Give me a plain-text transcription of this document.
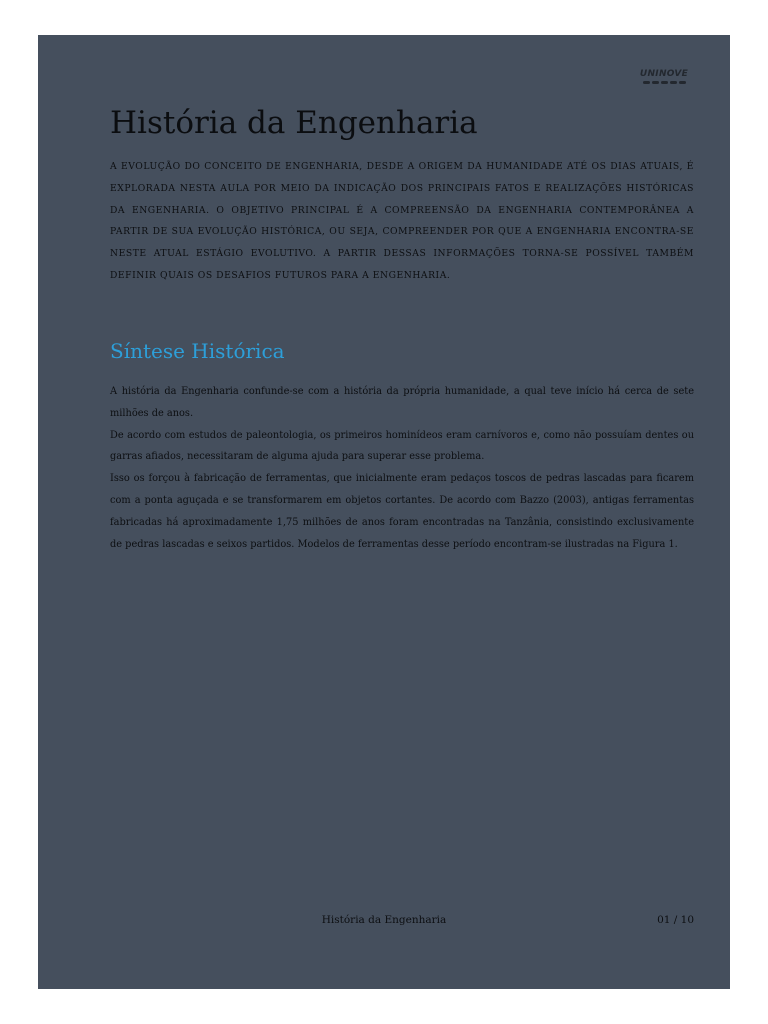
UNINOVE
História da Engenharia

A EVOLUÇÃO DO CONCEITO DE ENGENHARIA, DESDE A ORIGEM DA HUMANIDADE ATÉ OS DIAS ATUAIS, É EXPLORADA NESTA AULA POR MEIO DA INDICAÇÃO DOS PRINCIPAIS FATOS E REALIZAÇÕES HISTÓRICAS DA ENGENHARIA. O OBJETIVO PRINCIPAL É A COMPREENSÃO DA ENGENHARIA CONTEMPORÂNEA A PARTIR DE SUA EVOLUÇÃO HISTÓRICA, OU SEJA, COMPREENDER POR QUE A ENGENHARIA ENCONTRA-SE NESTE ATUAL ESTÁGIO EVOLUTIVO. A PARTIR DESSAS INFORMAÇÕES TORNA-SE POSSÍVEL TAMBÉM DEFINIR QUAIS OS DESAFIOS FUTUROS PARA A ENGENHARIA.

Síntese Histórica

A história da Engenharia confunde-se com a história da própria humanidade, a qual teve início há cerca de sete milhões de anos.

De acordo com estudos de paleontologia, os primeiros hominídeos eram carnívoros e, como não possuíam dentes ou garras afiados, necessitaram de alguma ajuda para superar esse problema.

Isso os forçou à fabricação de ferramentas, que inicialmente eram pedaços toscos de pedras lascadas para ficarem com a ponta aguçada e se transformarem em objetos cortantes. De acordo com Bazzo (2003), antigas ferramentas fabricadas há aproximadamente 1,75 milhões de anos foram encontradas na Tanzânia, consistindo exclusivamente de pedras lascadas e seixos partidos. Modelos de ferramentas desse período encontram-se ilustradas na Figura 1.

História da Engenharia	01 / 10
